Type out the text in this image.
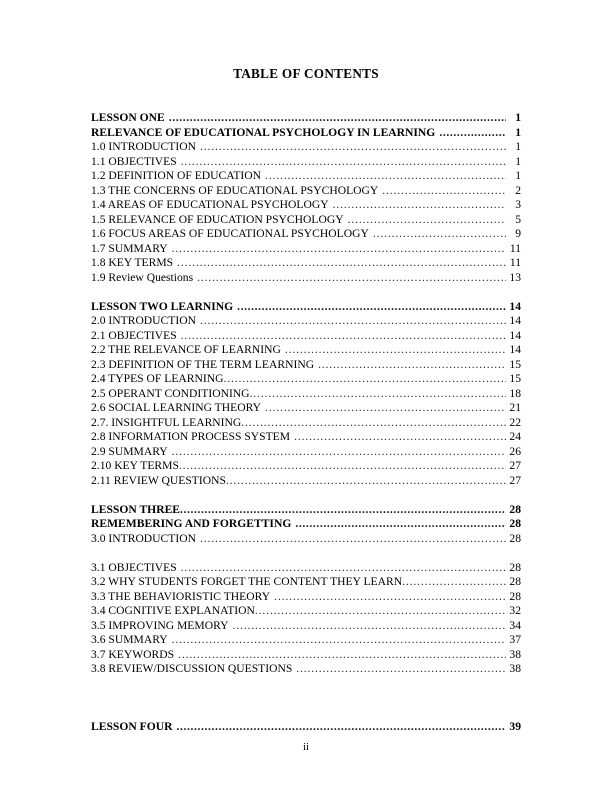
TABLE OF CONTENTS
LESSON ONE .....	1
RELEVANCE OF EDUCATIONAL PSYCHOLOGY IN LEARNING .....	1
1.0 INTRODUCTION .....	1
1.1 OBJECTIVES .....	1
1.2 DEFINITION OF EDUCATION .....	1
1.3 THE CONCERNS OF EDUCATIONAL PSYCHOLOGY .....	2
1.4 AREAS OF EDUCATIONAL PSYCHOLOGY .....	3
1.5 RELEVANCE OF EDUCATION PSYCHOLOGY .....	5
1.6 FOCUS AREAS OF EDUCATIONAL PSYCHOLOGY .....	9
1.7 SUMMARY .....	11
1.8 KEY TERMS .....	11
1.9 Review Questions .....	13
LESSON TWO LEARNING .....	14
2.0 INTRODUCTION .....	14
2.1 OBJECTIVES .....	14
2.2 THE RELEVANCE OF LEARNING .....	14
2.3 DEFINITION OF THE TERM LEARNING .....	15
2.4 TYPES OF LEARNING .....	15
2.5 OPERANT CONDITIONING .....	18
2.6 SOCIAL LEARNING THEORY .....	21
2.7. INSIGHTFUL LEARNING .....	22
2.8 INFORMATION PROCESS SYSTEM .....	24
2.9 SUMMARY .....	26
2.10 KEY TERMS .....	27
2.11 REVIEW QUESTIONS .....	27
LESSON THREE .....	28
REMEMBERING AND FORGETTING .....	28
3.0 INTRODUCTION .....	28
3.1 OBJECTIVES .....	28
3.2 WHY STUDENTS FORGET THE CONTENT THEY LEARN .....	28
3.3 THE BEHAVIORISTIC THEORY .....	28
3.4 COGNITIVE EXPLANATION .....	32
3.5 IMPROVING MEMORY .....	34
3.6 SUMMARY .....	37
3.7 KEYWORDS .....	38
3.8 REVIEW/DISCUSSION QUESTIONS .....	38
LESSON FOUR .....	39
ii
